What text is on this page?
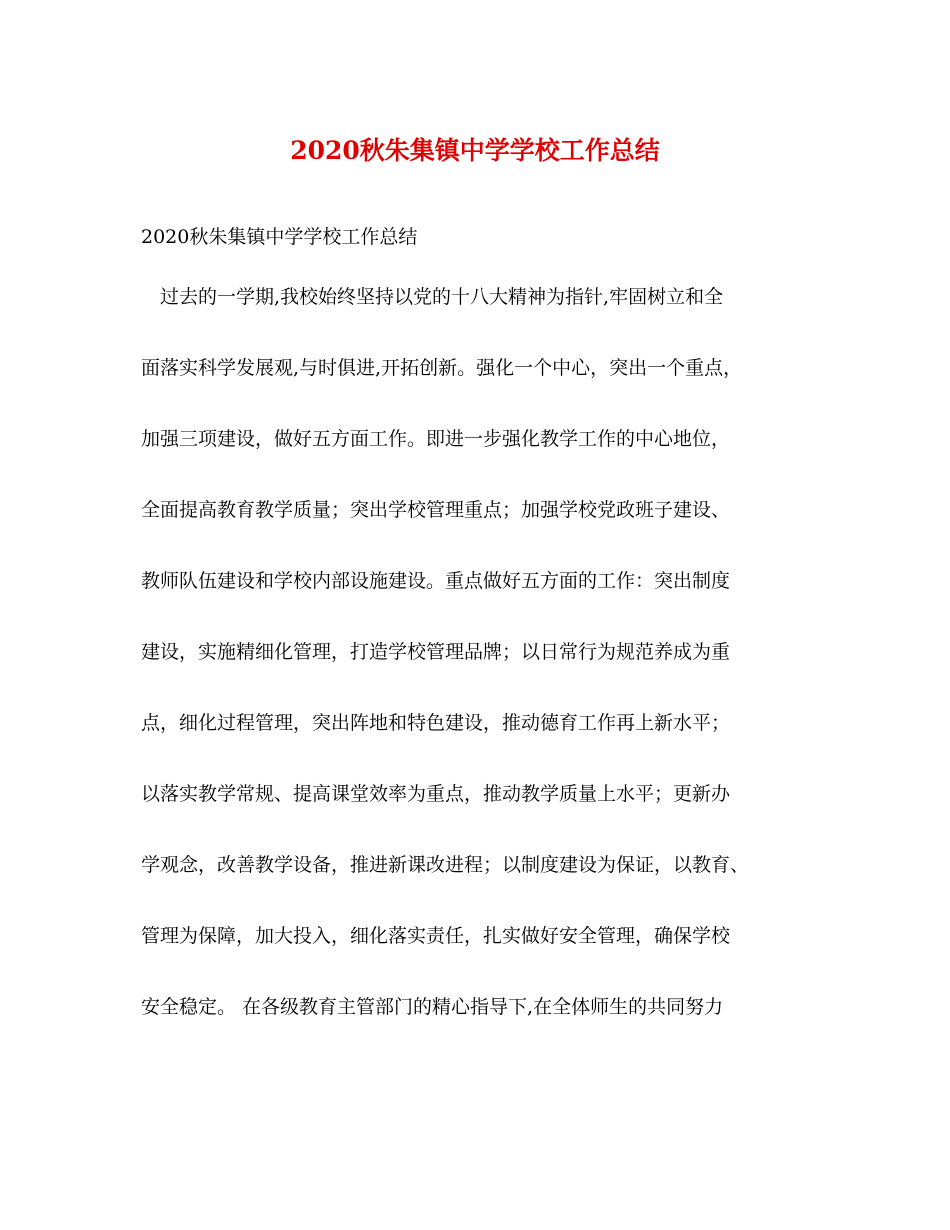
2020秋朱集镇中学学校工作总结

2020秋朱集镇中学学校工作总结

　过去的一学期,我校始终坚持以党的十八大精神为指针,牢固树立和全

面落实科学发展观,与时俱进,开拓创新。强化一个中心，突出一个重点，

加强三项建设，做好五方面工作。即进一步强化教学工作的中心地位，

全面提高教育教学质量；突出学校管理重点；加强学校党政班子建设、

教师队伍建设和学校内部设施建设。重点做好五方面的工作：突出制度

建设，实施精细化管理，打造学校管理品牌；以日常行为规范养成为重

点，细化过程管理，突出阵地和特色建设，推动德育工作再上新水平；

以落实教学常规、提高课堂效率为重点，推动教学质量上水平；更新办

学观念，改善教学设备，推进新课改进程；以制度建设为保证，以教育、

管理为保障，加大投入，细化落实责任，扎实做好安全管理，确保学校

安全稳定。 在各级教育主管部门的精心指导下,在全体师生的共同努力
